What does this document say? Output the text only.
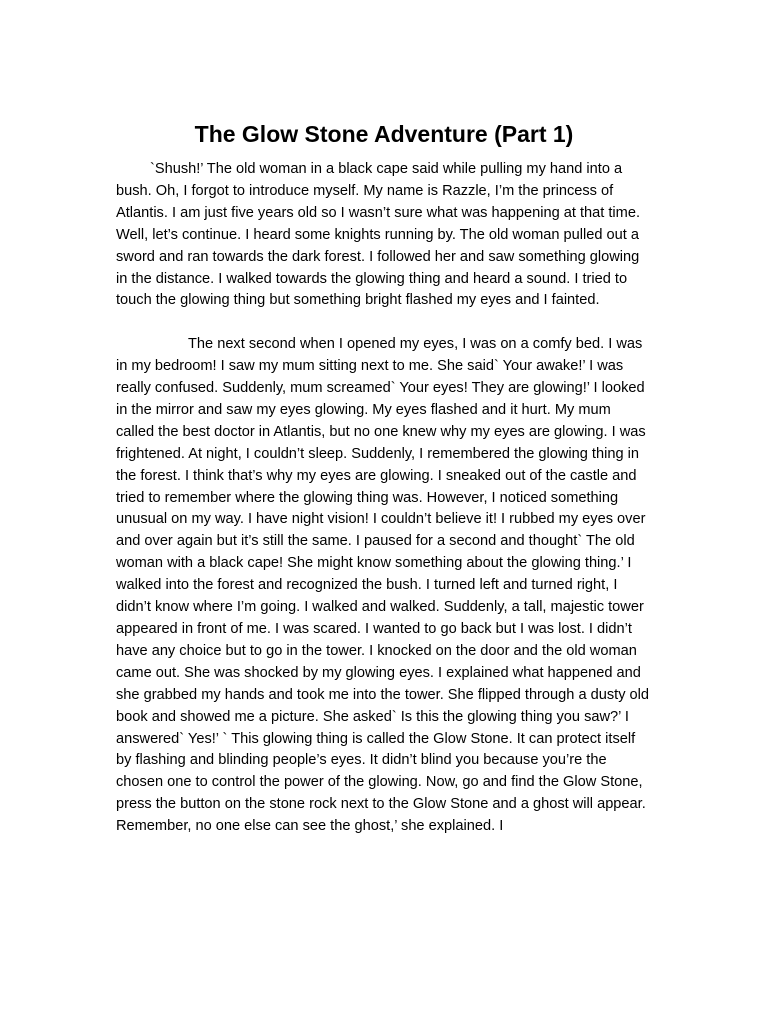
The Glow Stone Adventure (Part 1)

`Shush!’ The old woman in a black cape said while pulling my hand into a bush. Oh, I forgot to introduce myself. My name is Razzle, I’m the princess of Atlantis. I am just five years old so I wasn’t sure what was happening at that time. Well, let’s continue. I heard some knights running by. The old woman pulled out a sword and ran towards the dark forest. I followed her and saw something glowing in the distance. I walked towards the glowing thing and heard a sound. I tried to touch the glowing thing but something bright flashed my eyes and I fainted.

The next second when I opened my eyes, I was on a comfy bed. I was in my bedroom! I saw my mum sitting next to me. She said` Your awake!’ I was really confused. Suddenly, mum screamed` Your eyes! They are glowing!’ I looked in the mirror and saw my eyes glowing. My eyes flashed and it hurt. My mum called the best doctor in Atlantis, but no one knew why my eyes are glowing. I was frightened. At night, I couldn’t sleep. Suddenly, I remembered the glowing thing in the forest. I think that’s why my eyes are glowing. I sneaked out of the castle and tried to remember where the glowing thing was. However, I noticed something unusual on my way. I have night vision! I couldn’t believe it! I rubbed my eyes over and over again but it’s still the same. I paused for a second and thought` The old woman with a black cape! She might know something about the glowing thing.’ I walked into the forest and recognized the bush. I turned left and turned right, I didn’t know where I’m going. I walked and walked. Suddenly, a tall, majestic tower appeared in front of me. I was scared. I wanted to go back but I was lost. I didn’t have any choice but to go in the tower. I knocked on the door and the old woman came out. She was shocked by my glowing eyes. I explained what happened and she grabbed my hands and took me into the tower. She flipped through a dusty old book and showed me a picture. She asked` Is this the glowing thing you saw?’ I answered` Yes!’ ` This glowing thing is called the Glow Stone. It can protect itself by flashing and blinding people’s eyes. It didn’t blind you because you’re the chosen one to control the power of the glowing. Now, go and find the Glow Stone, press the button on the stone rock next to the Glow Stone and a ghost will appear. Remember, no one else can see the ghost,’ she explained. I
